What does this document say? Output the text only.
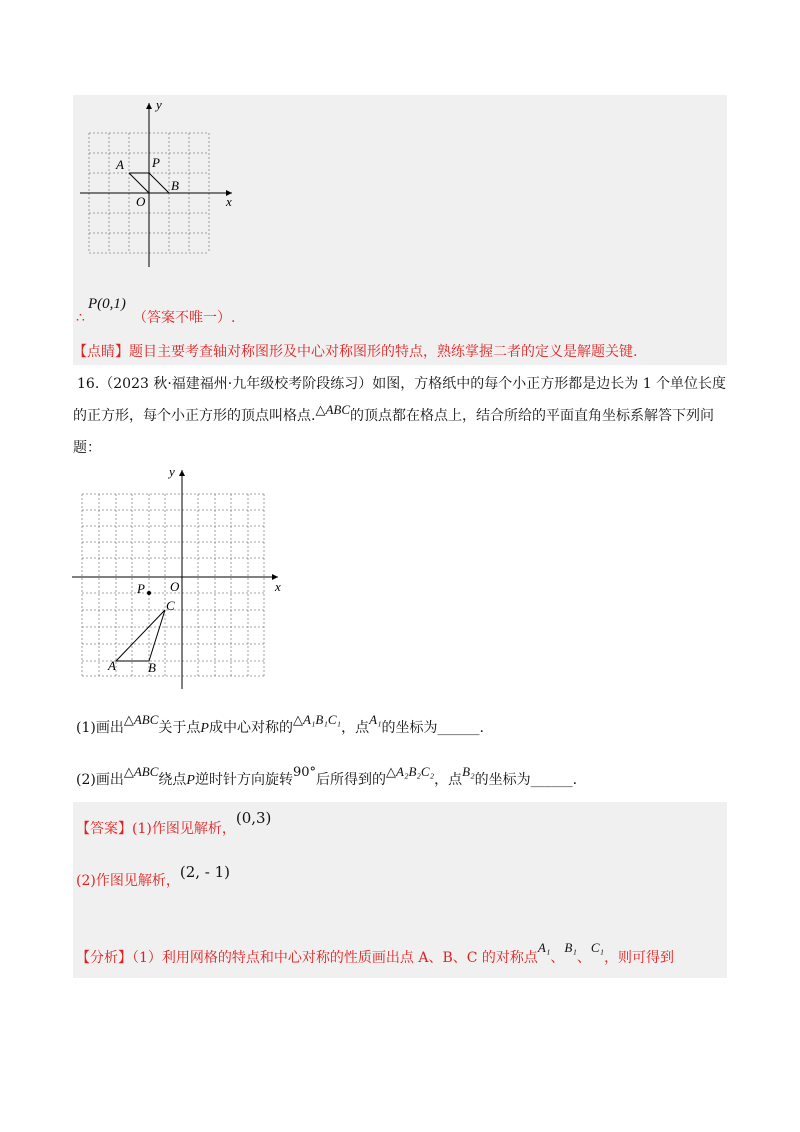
y
x
A P
B
O
∴
P(0,1)
（答案不唯一）.
【点睛】题目主要考查轴对称图形及中心对称图形的特点，熟练掌握二者的定义是解题关键.
16.（2023 秋·福建福州·九年级校考阶段练习）如图，方格纸中的每个小正方形都是边长为 1 个单位长度
的正方形，每个小正方形的顶点叫格点.△ABC的顶点都在格点上，结合所给的平面直角坐标系解答下列问
题：
y
x
P O
C
A B
(1)画出△ABC关于点P成中心对称的△A₁B₁C₁，点A₁的坐标为______.
(2)画出△ABC绕点P逆时针方向旋转90°后所得到的△A₂B₂C₂，点B₂的坐标为______.
【答案】(1)作图见解析，(0,3)
(2)作图见解析，(2, - 1)
【分析】（1）利用网格的特点和中心对称的性质画出点 A、B、C 的对称点A₁、B₁、C₁，则可得到
